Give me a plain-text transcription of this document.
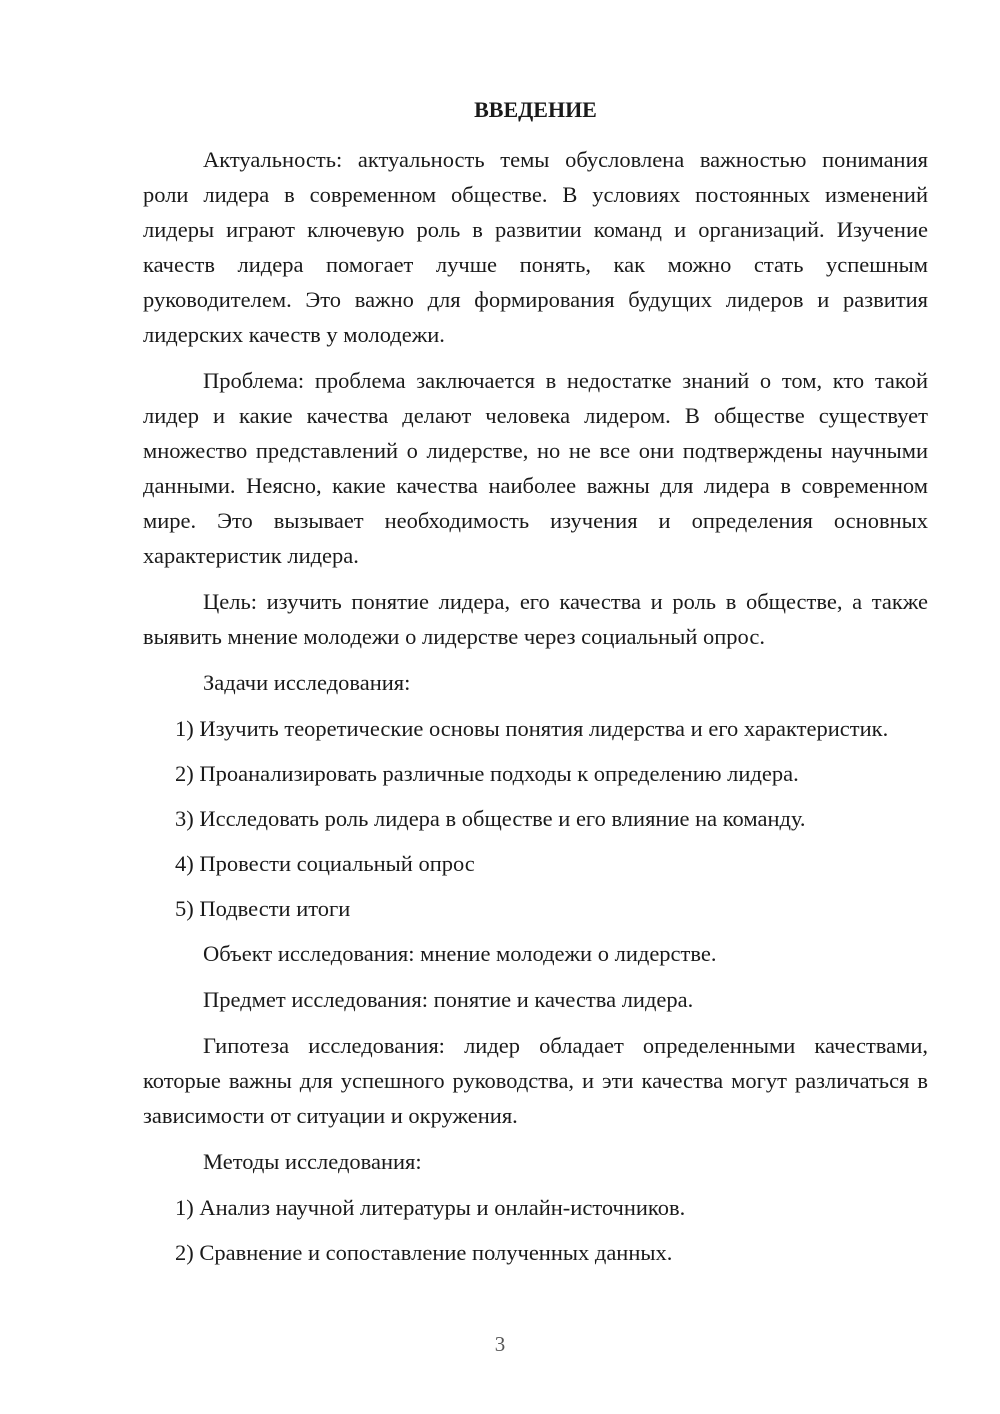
ВВЕДЕНИЕ

Актуальность: актуальность темы обусловлена важностью понимания роли лидера в современном обществе. В условиях постоянных изменений лидеры играют ключевую роль в развитии команд и организаций. Изучение качеств лидера помогает лучше понять, как можно стать успешным руководителем. Это важно для формирования будущих лидеров и развития лидерских качеств у молодежи.

Проблема: проблема заключается в недостатке знаний о том, кто такой лидер и какие качества делают человека лидером. В обществе существует множество представлений о лидерстве, но не все они подтверждены научными данными. Неясно, какие качества наиболее важны для лидера в современном мире. Это вызывает необходимость изучения и определения основных характеристик лидера.

Цель: изучить понятие лидера, его качества и роль в обществе, а также выявить мнение молодежи о лидерстве через социальный опрос.

Задачи исследования:

1) Изучить теоретические основы понятия лидерства и его характеристик.

2) Проанализировать различные подходы к определению лидера.

3) Исследовать роль лидера в обществе и его влияние на команду.

4) Провести социальный опрос

5) Подвести итоги

Объект исследования: мнение молодежи о лидерстве.

Предмет исследования: понятие и качества лидера.

Гипотеза исследования: лидер обладает определенными качествами, которые важны для успешного руководства, и эти качества могут различаться в зависимости от ситуации и окружения.

Методы исследования:

1) Анализ научной литературы и онлайн-источников.

2) Сравнение и сопоставление полученных данных.

3
